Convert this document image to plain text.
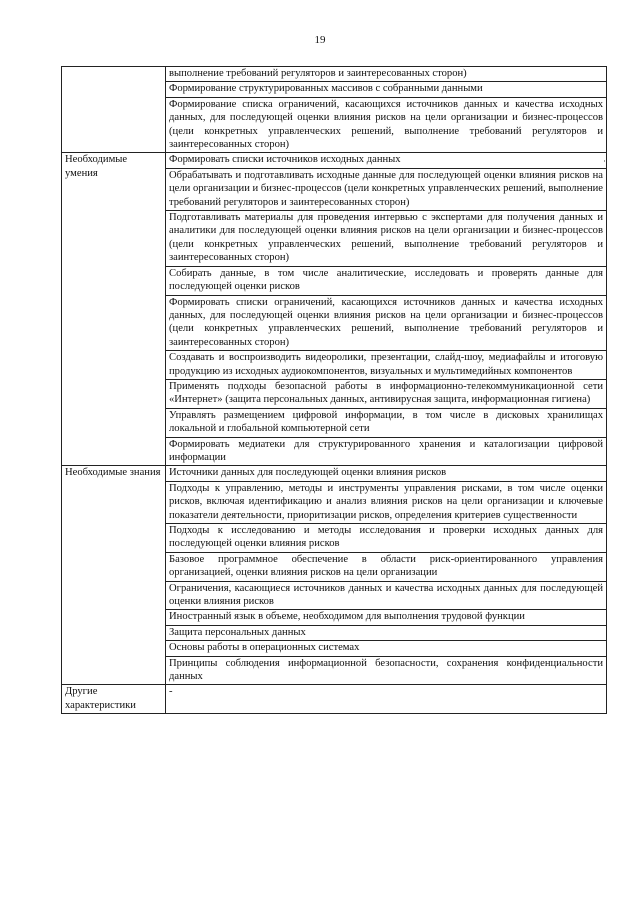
19
	выполнение требований регуляторов и заинтересованных сторон)
	Формирование структурированных массивов с собранными данными
	Формирование списка ограничений, касающихся источников данных и качества исходных данных, для последующей оценки влияния рисков на цели организации и бизнес-процессов (цели конкретных управленческих решений, выполнение требований регуляторов и заинтересованных сторон)
Необходимые умения	Формировать списки источников исходных данных
	Обрабатывать и подготавливать исходные данные для последующей оценки влияния рисков на цели организации и бизнес-процессов (цели конкретных управленческих решений, выполнение требований регуляторов и заинтересованных сторон)
	Подготавливать материалы для проведения интервью с экспертами для получения данных и аналитики для последующей оценки влияния рисков на цели организации и бизнес-процессов (цели конкретных управленческих решений, выполнение требований регуляторов и заинтересованных сторон)
	Собирать данные, в том числе аналитические, исследовать и проверять данные для последующей оценки рисков
	Формировать списки ограничений, касающихся источников данных и качества исходных данных, для последующей оценки влияния рисков на цели организации и бизнес-процессов (цели конкретных управленческих решений, выполнение требований регуляторов и заинтересованных сторон)
	Создавать и воспроизводить видеоролики, презентации, слайд-шоу, медиафайлы и итоговую продукцию из исходных аудиокомпонентов, визуальных и мультимедийных компонентов
	Применять подходы безопасной работы в информационно-телекоммуникационной сети «Интернет» (защита персональных данных, антивирусная защита, информационная гигиена)
	Управлять размещением цифровой информации, в том числе в дисковых хранилищах локальной и глобальной компьютерной сети
	Формировать медиатеки для структурированного хранения и каталогизации цифровой информации
Необходимые знания	Источники данных для последующей оценки влияния рисков
	Подходы к управлению, методы и инструменты управления рисками, в том числе оценки рисков, включая идентификацию и анализ влияния рисков на цели организации и ключевые показатели деятельности, приоритизации рисков, определения критериев существенности
	Подходы к исследованию и методы исследования и проверки исходных данных для последующей оценки влияния рисков
	Базовое программное обеспечение в области риск-ориентированного управления организацией, оценки влияния рисков на цели организации
	Ограничения, касающиеся источников данных и качества исходных данных для последующей оценки влияния рисков
	Иностранный язык в объеме, необходимом для выполнения трудовой функции
	Защита персональных данных
	Основы работы в операционных системах
	Принципы соблюдения информационной безопасности, сохранения конфиденциальности данных
Другие характеристики	-
